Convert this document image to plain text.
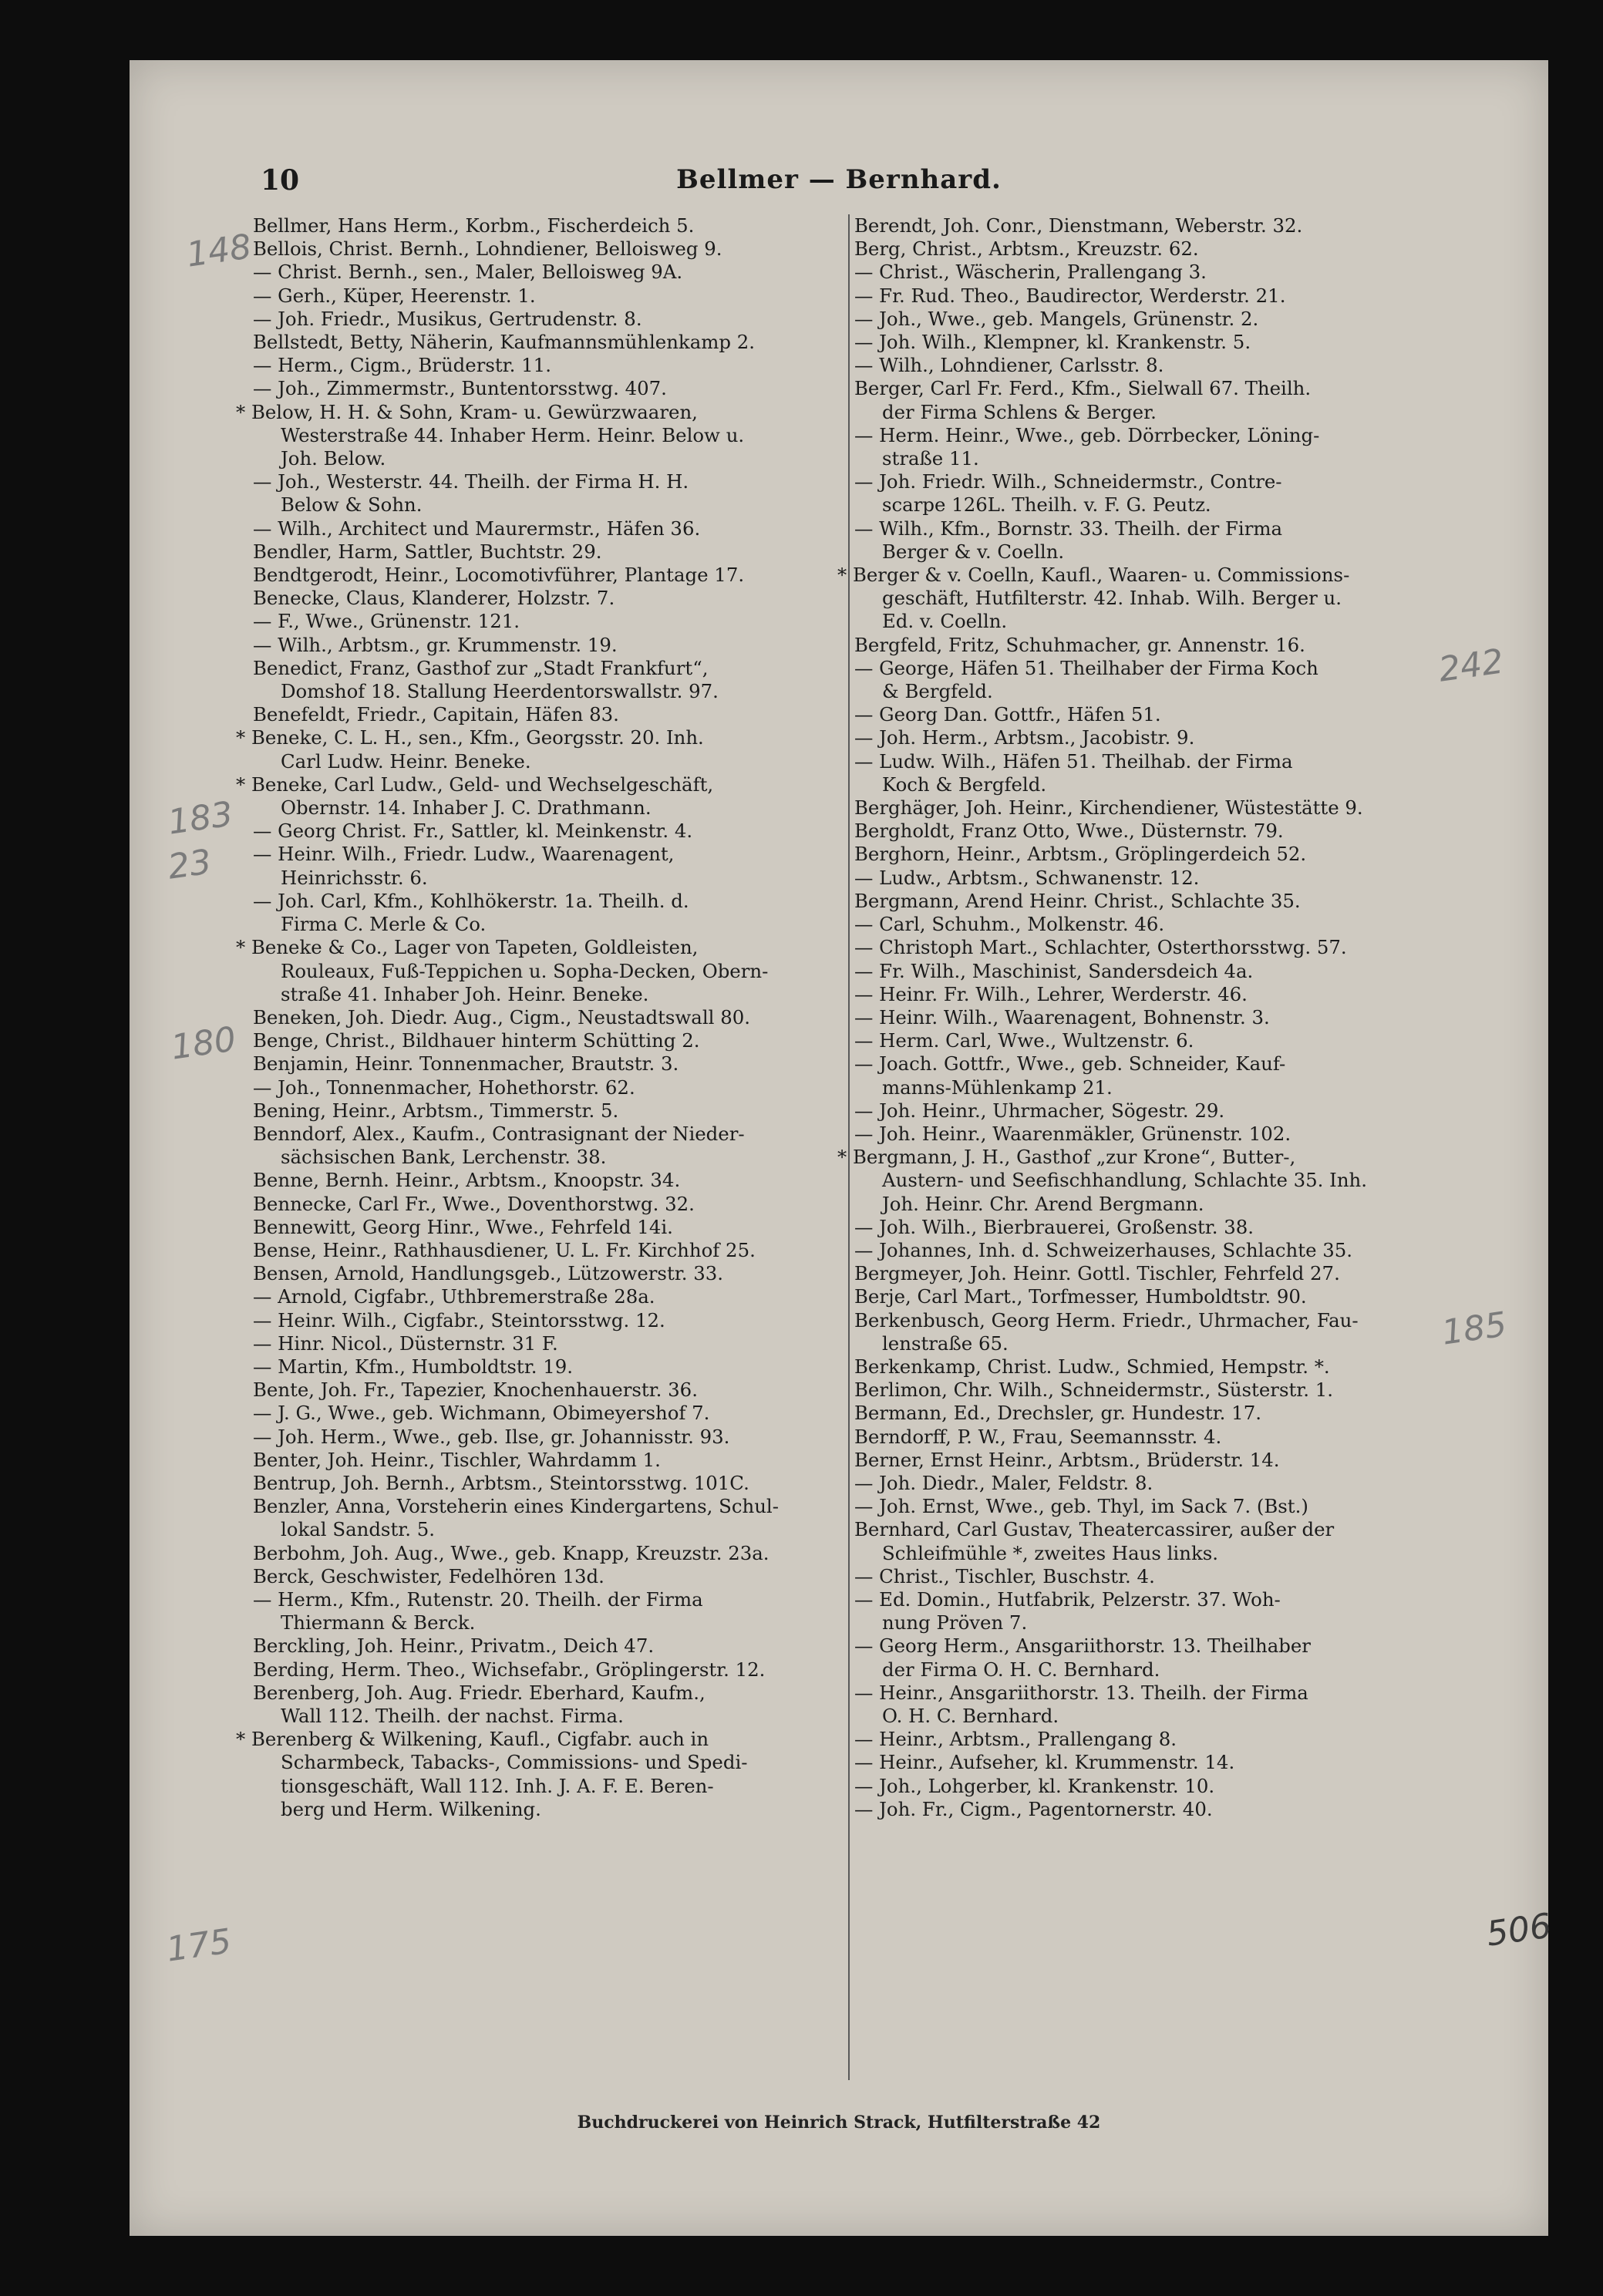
10	Bellmer — Bernhard.
148
183
23
180
175
242
185
506
Bellmer, Hans Herm., Korbm., Fischerdeich 5.
Bellois, Christ. Bernh., Lohndiener, Belloisweg 9.
— Christ. Bernh., sen., Maler, Belloisweg 9A.
— Gerh., Küper, Heerenstr. 1.
— Joh. Friedr., Musikus, Gertrudenstr. 8.
Bellstedt, Betty, Näherin, Kaufmannsmühlenkamp 2.
— Herm., Cigm., Brüderstr. 11.
— Joh., Zimmermstr., Buntentorsstwg. 407.
* Below, H. H. & Sohn, Kram- u. Gewürzwaaren,
Westerstraße 44. Inhaber Herm. Heinr. Below u.
Joh. Below.
— Joh., Westerstr. 44. Theilh. der Firma H. H.
Below & Sohn.
— Wilh., Architect und Maurermstr., Häfen 36.
Bendler, Harm, Sattler, Buchtstr. 29.
Bendtgerodt, Heinr., Locomotivführer, Plantage 17.
Benecke, Claus, Klanderer, Holzstr. 7.
— F., Wwe., Grünenstr. 121.
— Wilh., Arbtsm., gr. Krummenstr. 19.
Benedict, Franz, Gasthof zur „Stadt Frankfurt“,
Domshof 18. Stallung Heerdentorswallstr. 97.
Benefeldt, Friedr., Capitain, Häfen 83.
* Beneke, C. L. H., sen., Kfm., Georgsstr. 20. Inh.
Carl Ludw. Heinr. Beneke.
* Beneke, Carl Ludw., Geld- und Wechselgeschäft,
Obernstr. 14. Inhaber J. C. Drathmann.
— Georg Christ. Fr., Sattler, kl. Meinkenstr. 4.
— Heinr. Wilh., Friedr. Ludw., Waarenagent,
Heinrichsstr. 6.
— Joh. Carl, Kfm., Kohlhökerstr. 1a. Theilh. d.
Firma C. Merle & Co.
* Beneke & Co., Lager von Tapeten, Goldleisten,
Rouleaux, Fuß-Teppichen u. Sopha-Decken, Obern-
straße 41. Inhaber Joh. Heinr. Beneke.
Beneken, Joh. Diedr. Aug., Cigm., Neustadtswall 80.
Benge, Christ., Bildhauer hinterm Schütting 2.
Benjamin, Heinr. Tonnenmacher, Brautstr. 3.
— Joh., Tonnenmacher, Hohethorstr. 62.
Bening, Heinr., Arbtsm., Timmerstr. 5.
Benndorf, Alex., Kaufm., Contrasignant der Nieder-
sächsischen Bank, Lerchenstr. 38.
Benne, Bernh. Heinr., Arbtsm., Knoopstr. 34.
Bennecke, Carl Fr., Wwe., Doventhorstwg. 32.
Bennewitt, Georg Hinr., Wwe., Fehrfeld 14i.
Bense, Heinr., Rathhausdiener, U. L. Fr. Kirchhof 25.
Bensen, Arnold, Handlungsgeb., Lützowerstr. 33.
— Arnold, Cigfabr., Uthbremerstraße 28a.
— Heinr. Wilh., Cigfabr., Steintorsstwg. 12.
— Hinr. Nicol., Düsternstr. 31 F.
— Martin, Kfm., Humboldtstr. 19.
Bente, Joh. Fr., Tapezier, Knochenhauerstr. 36.
— J. G., Wwe., geb. Wichmann, Obimeyershof 7.
— Joh. Herm., Wwe., geb. Ilse, gr. Johannisstr. 93.
Benter, Joh. Heinr., Tischler, Wahrdamm 1.
Bentrup, Joh. Bernh., Arbtsm., Steintorsstwg. 101C.
Benzler, Anna, Vorsteherin eines Kindergartens, Schul-
lokal Sandstr. 5.
Berbohm, Joh. Aug., Wwe., geb. Knapp, Kreuzstr. 23a.
Berck, Geschwister, Fedelhören 13d.
— Herm., Kfm., Rutenstr. 20. Theilh. der Firma
Thiermann & Berck.
Berckling, Joh. Heinr., Privatm., Deich 47.
Berding, Herm. Theo., Wichsefabr., Gröplingerstr. 12.
Berenberg, Joh. Aug. Friedr. Eberhard, Kaufm.,
Wall 112. Theilh. der nachst. Firma.
* Berenberg & Wilkening, Kaufl., Cigfabr. auch in
Scharmbeck, Tabacks-, Commissions- und Spedi-
tionsgeschäft, Wall 112. Inh. J. A. F. E. Beren-
berg und Herm. Wilkening.
Berendt, Joh. Conr., Dienstmann, Weberstr. 32.
Berg, Christ., Arbtsm., Kreuzstr. 62.
— Christ., Wäscherin, Prallengang 3.
— Fr. Rud. Theo., Baudirector, Werderstr. 21.
— Joh., Wwe., geb. Mangels, Grünenstr. 2.
— Joh. Wilh., Klempner, kl. Krankenstr. 5.
— Wilh., Lohndiener, Carlsstr. 8.
Berger, Carl Fr. Ferd., Kfm., Sielwall 67. Theilh.
der Firma Schlens & Berger.
— Herm. Heinr., Wwe., geb. Dörrbecker, Löning-
straße 11.
— Joh. Friedr. Wilh., Schneidermstr., Contre-
scarpe 126L. Theilh. v. F. G. Peutz.
— Wilh., Kfm., Bornstr. 33. Theilh. der Firma
Berger & v. Coelln.
* Berger & v. Coelln, Kaufl., Waaren- u. Commissions-
geschäft, Hutfilterstr. 42. Inhab. Wilh. Berger u.
Ed. v. Coelln.
Bergfeld, Fritz, Schuhmacher, gr. Annenstr. 16.
— George, Häfen 51. Theilhaber der Firma Koch
& Bergfeld.
— Georg Dan. Gottfr., Häfen 51.
— Joh. Herm., Arbtsm., Jacobistr. 9.
— Ludw. Wilh., Häfen 51. Theilhab. der Firma
Koch & Bergfeld.
Berghäger, Joh. Heinr., Kirchendiener, Wüstestätte 9.
Bergholdt, Franz Otto, Wwe., Düsternstr. 79.
Berghorn, Heinr., Arbtsm., Gröplingerdeich 52.
— Ludw., Arbtsm., Schwanenstr. 12.
Bergmann, Arend Heinr. Christ., Schlachte 35.
— Carl, Schuhm., Molkenstr. 46.
— Christoph Mart., Schlachter, Osterthorsstwg. 57.
— Fr. Wilh., Maschinist, Sandersdeich 4a.
— Heinr. Fr. Wilh., Lehrer, Werderstr. 46.
— Heinr. Wilh., Waarenagent, Bohnenstr. 3.
— Herm. Carl, Wwe., Wultzenstr. 6.
— Joach. Gottfr., Wwe., geb. Schneider, Kauf-
manns-Mühlenkamp 21.
— Joh. Heinr., Uhrmacher, Sögestr. 29.
— Joh. Heinr., Waarenmäkler, Grünenstr. 102.
* Bergmann, J. H., Gasthof „zur Krone“, Butter-,
Austern- und Seefischhandlung, Schlachte 35. Inh.
Joh. Heinr. Chr. Arend Bergmann.
— Joh. Wilh., Bierbrauerei, Großenstr. 38.
— Johannes, Inh. d. Schweizerhauses, Schlachte 35.
Bergmeyer, Joh. Heinr. Gottl. Tischler, Fehrfeld 27.
Berje, Carl Mart., Torfmesser, Humboldtstr. 90.
Berkenbusch, Georg Herm. Friedr., Uhrmacher, Fau-
lenstraße 65.
Berkenkamp, Christ. Ludw., Schmied, Hempstr. *.
Berlimon, Chr. Wilh., Schneidermstr., Süsterstr. 1.
Bermann, Ed., Drechsler, gr. Hundestr. 17.
Berndorff, P. W., Frau, Seemannsstr. 4.
Berner, Ernst Heinr., Arbtsm., Brüderstr. 14.
— Joh. Diedr., Maler, Feldstr. 8.
— Joh. Ernst, Wwe., geb. Thyl, im Sack 7. (Bst.)
Bernhard, Carl Gustav, Theatercassirer, außer der
Schleifmühle *, zweites Haus links.
— Christ., Tischler, Buschstr. 4.
— Ed. Domin., Hutfabrik, Pelzerstr. 37. Woh-
nung Pröven 7.
— Georg Herm., Ansgariithorstr. 13. Theilhaber
der Firma O. H. C. Bernhard.
— Heinr., Ansgariithorstr. 13. Theilh. der Firma
O. H. C. Bernhard.
— Heinr., Arbtsm., Prallengang 8.
— Heinr., Aufseher, kl. Krummenstr. 14.
— Joh., Lohgerber, kl. Krankenstr. 10.
— Joh. Fr., Cigm., Pagentornerstr. 40.
Buchdruckerei von Heinrich Strack, Hutfilterstraße 42
